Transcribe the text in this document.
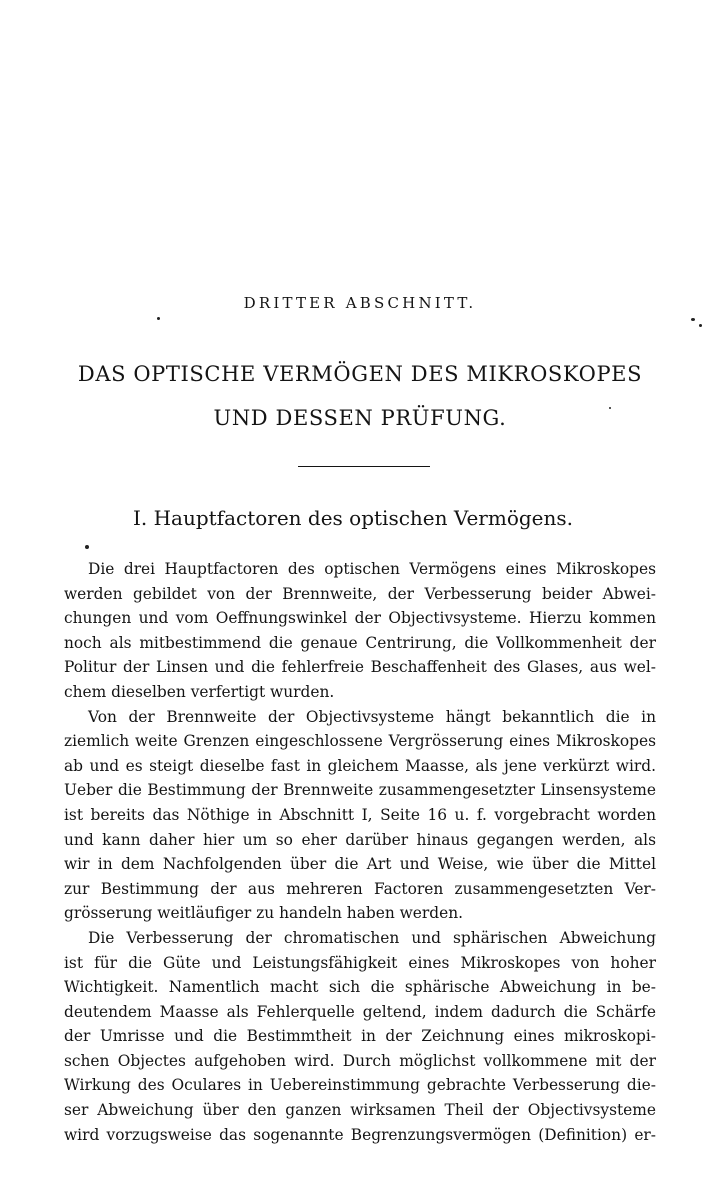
DRITTER ABSCHNITT.
DAS OPTISCHE VERMÖGEN DES MIKROSKOPES
UND DESSEN PRÜFUNG.
I. Hauptfactoren des optischen Vermögens.
Die drei Hauptfactoren des optischen Vermögens eines Mikroskopes
werden gebildet von der Brennweite, der Verbesserung beider Abwei-
chungen und vom Oeffnungswinkel der Objectivsysteme. Hierzu kommen
noch als mitbestimmend die genaue Centrirung, die Vollkommenheit der
Politur der Linsen und die fehlerfreie Beschaffenheit des Glases, aus wel-
chem dieselben verfertigt wurden.
Von der Brennweite der Objectivsysteme hängt bekanntlich die in
ziemlich weite Grenzen eingeschlossene Vergrösserung eines Mikroskopes
ab und es steigt dieselbe fast in gleichem Maasse, als jene verkürzt wird.
Ueber die Bestimmung der Brennweite zusammengesetzter Linsensysteme
ist bereits das Nöthige in Abschnitt I, Seite 16 u. f. vorgebracht worden
und kann daher hier um so eher darüber hinaus gegangen werden, als
wir in dem Nachfolgenden über die Art und Weise, wie über die Mittel
zur Bestimmung der aus mehreren Factoren zusammengesetzten Ver-
grösserung weitläufiger zu handeln haben werden.
Die Verbesserung der chromatischen und sphärischen Abweichung
ist für die Güte und Leistungsfähigkeit eines Mikroskopes von hoher
Wichtigkeit. Namentlich macht sich die sphärische Abweichung in be-
deutendem Maasse als Fehlerquelle geltend, indem dadurch die Schärfe
der Umrisse und die Bestimmtheit in der Zeichnung eines mikroskopi-
schen Objectes aufgehoben wird. Durch möglichst vollkommene mit der
Wirkung des Oculares in Uebereinstimmung gebrachte Verbesserung die-
ser Abweichung über den ganzen wirksamen Theil der Objectivsysteme
wird vorzugsweise das sogenannte Begrenzungsvermögen (Definition) er-
